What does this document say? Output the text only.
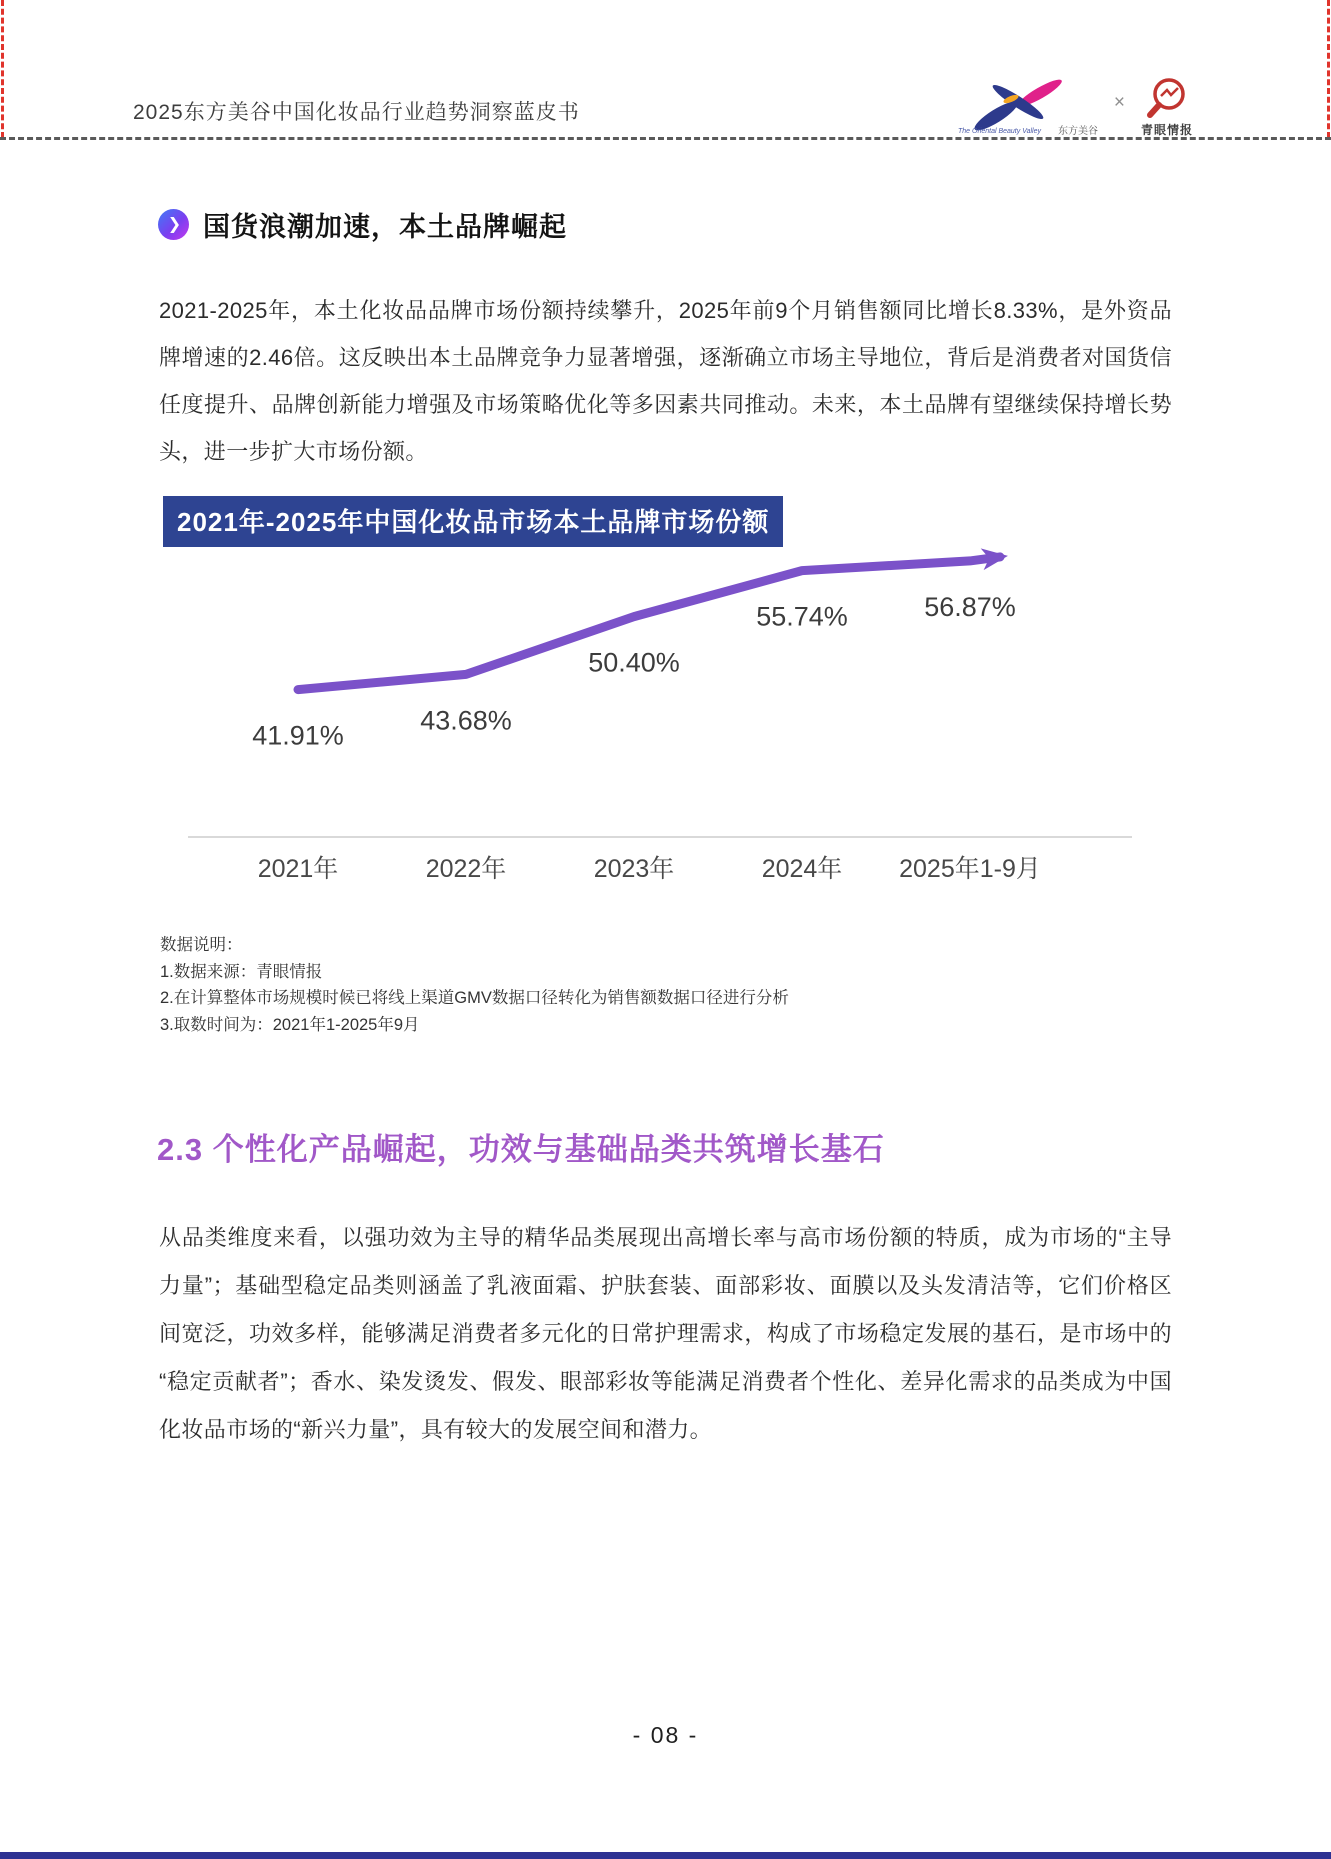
2025东方美谷中国化妆品行业趋势洞察蓝皮书
The Oriental Beauty Valley 东方美谷
×
青眼情报
❯ 国货浪潮加速，本土品牌崛起
2021-2025年，本土化妆品品牌市场份额持续攀升，2025年前9个月销售额同比增长8.33%，是外资品牌增速的2.46倍。这反映出本土品牌竞争力显著增强，逐渐确立市场主导地位，背后是消费者对国货信任度提升、品牌创新能力增强及市场策略优化等多因素共同推动。未来，本土品牌有望继续保持增长势头，进一步扩大市场份额。
2021年-2025年中国化妆品市场本土品牌市场份额
41.91%
43.68%
50.40%
55.74%	56.87%
2021年	2022年	2023年	2024年 2025年1-9月
数据说明：
1.数据来源：青眼情报
2.在计算整体市场规模时候已将线上渠道GMV数据口径转化为销售额数据口径进行分析
3.取数时间为：2021年1-2025年9月
2.3 个性化产品崛起，功效与基础品类共筑增长基石
从品类维度来看，以强功效为主导的精华品类展现出高增长率与高市场份额的特质，成为市场的“主导力量”；基础型稳定品类则涵盖了乳液面霜、护肤套装、面部彩妆、面膜以及头发清洁等，它们价格区间宽泛，功效多样，能够满足消费者多元化的日常护理需求，构成了市场稳定发展的基石，是市场中的“稳定贡献者”；香水、染发烫发、假发、眼部彩妆等能满足消费者个性化、差异化需求的品类成为中国化妆品市场的“新兴力量”，具有较大的发展空间和潜力。
- 08 -
